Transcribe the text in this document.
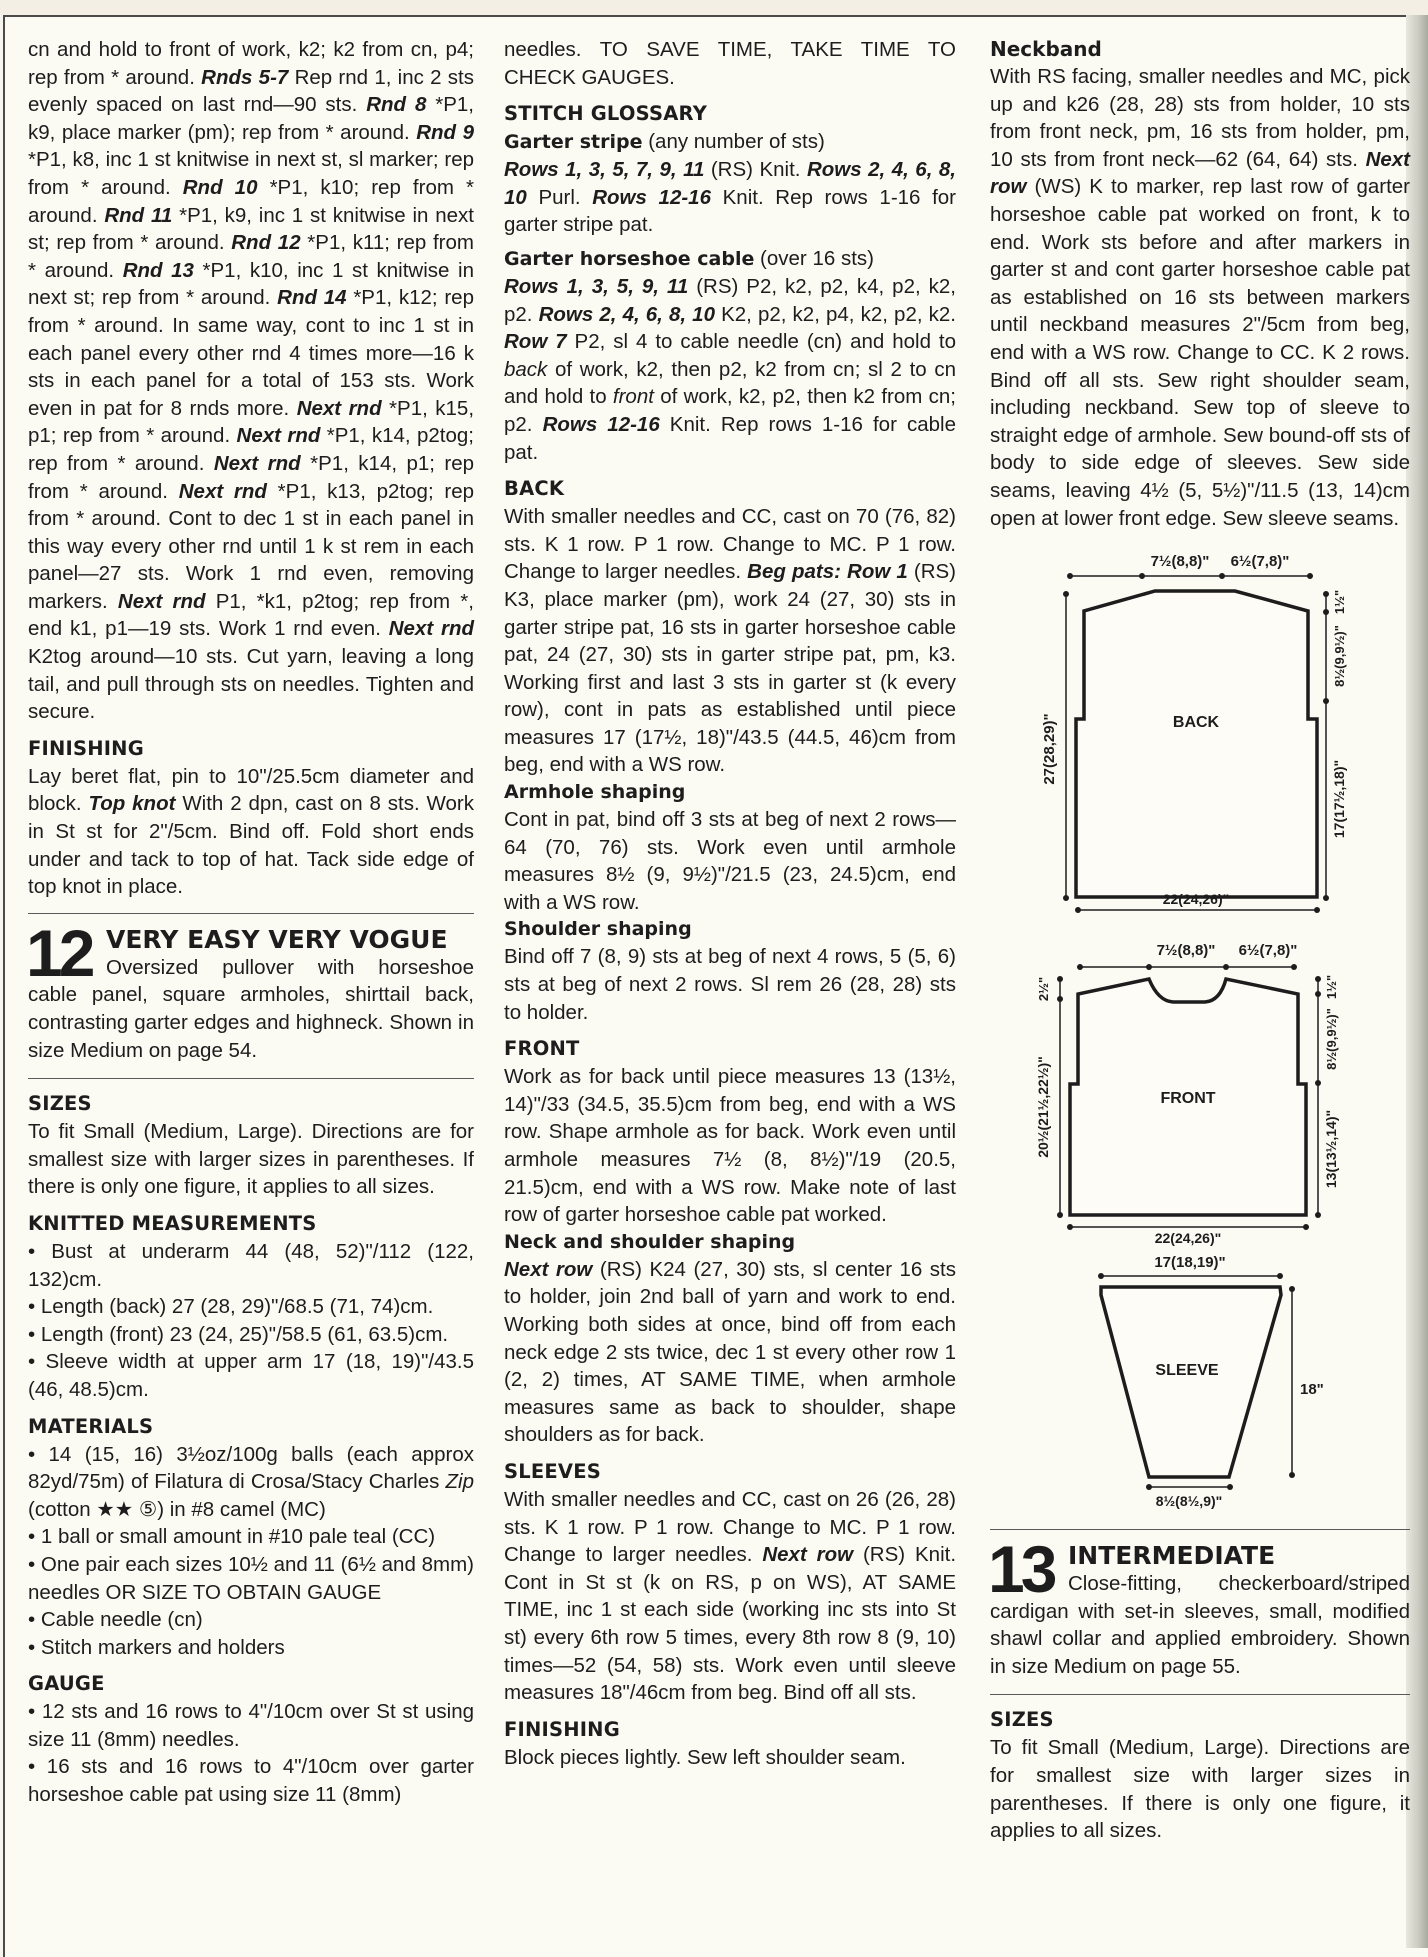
cn and hold to front of work, k2; k2 from cn, p4; rep from * around. Rnds 5-7 Rep rnd 1, inc 2 sts evenly spaced on last rnd—90 sts. Rnd 8 *P1, k9, place marker (pm); rep from * around. Rnd 9 *P1, k8, inc 1 st knitwise in next st, sl marker; rep from * around. Rnd 10 *P1, k10; rep from * around. Rnd 11 *P1, k9, inc 1 st knitwise in next st; rep from * around. Rnd 12 *P1, k11; rep from * around. Rnd 13 *P1, k10, inc 1 st knitwise in next st; rep from * around. Rnd 14 *P1, k12; rep from * around. In same way, cont to inc 1 st in each panel every other rnd 4 times more—16 k sts in each panel for a total of 153 sts. Work even in pat for 8 rnds more. Next rnd *P1, k15, p1; rep from * around. Next rnd *P1, k14, p2tog; rep from * around. Next rnd *P1, k14, p1; rep from * around. Next rnd *P1, k13, p2tog; rep from * around. Cont to dec 1 st in each panel in this way every other rnd until 1 k st rem in each panel—27 sts. Work 1 rnd even, removing markers. Next rnd P1, *k1, p2tog; rep from *, end k1, p1—19 sts. Work 1 rnd even. Next rnd K2tog around—10 sts. Cut yarn, leaving a long tail, and pull through sts on needles. Tighten and secure.

FINISHING

Lay beret flat, pin to 10"/25.5cm diameter and block. Top knot With 2 dpn, cast on 8 sts. Work in St st for 2"/5cm. Bind off. Fold short ends under and tack to top of hat. Tack side edge of top knot in place.

12 VERY EASY VERY VOGUE

Oversized pullover with horseshoe cable panel, square armholes, shirttail back, contrasting garter edges and highneck. Shown in size Medium on page 54.

SIZES

To fit Small (Medium, Large). Directions are for smallest size with larger sizes in parentheses. If there is only one figure, it applies to all sizes.

KNITTED MEASUREMENTS

• Bust at underarm 44 (48, 52)"/112 (122, 132)cm.

• Length (back) 27 (28, 29)"/68.5 (71, 74)cm.

• Length (front) 23 (24, 25)"/58.5 (61, 63.5)cm.

• Sleeve width at upper arm 17 (18, 19)"/43.5 (46, 48.5)cm.

MATERIALS

• 14 (15, 16) 3½oz/100g balls (each approx 82yd/75m) of Filatura di Crosa/Stacy Charles Zip (cotton ★★ ⑤) in #8 camel (MC)

• 1 ball or small amount in #10 pale teal (CC)

• One pair each sizes 10½ and 11 (6½ and 8mm) needles OR SIZE TO OBTAIN GAUGE

• Cable needle (cn)

• Stitch markers and holders

GAUGE

• 12 sts and 16 rows to 4"/10cm over St st using size 11 (8mm) needles.

• 16 sts and 16 rows to 4"/10cm over garter horseshoe cable pat using size 11 (8mm)

needles. TO SAVE TIME, TAKE TIME TO CHECK GAUGES.

STITCH GLOSSARY

Garter stripe (any number of sts)

Rows 1, 3, 5, 7, 9, 11 (RS) Knit. Rows 2, 4, 6, 8, 10 Purl. Rows 12-16 Knit. Rep rows 1-16 for garter stripe pat.

Garter horseshoe cable (over 16 sts)

Rows 1, 3, 5, 9, 11 (RS) P2, k2, p2, k4, p2, k2, p2. Rows 2, 4, 6, 8, 10 K2, p2, k2, p4, k2, p2, k2. Row 7 P2, sl 4 to cable needle (cn) and hold to back of work, k2, then p2, k2 from cn; sl 2 to cn and hold to front of work, k2, p2, then k2 from cn; p2. Rows 12-16 Knit. Rep rows 1-16 for cable pat.

BACK

With smaller needles and CC, cast on 70 (76, 82) sts. K 1 row. P 1 row. Change to MC. P 1 row. Change to larger needles. Beg pats: Row 1 (RS) K3, place marker (pm), work 24 (27, 30) sts in garter stripe pat, 16 sts in garter horseshoe cable pat, 24 (27, 30) sts in garter stripe pat, pm, k3. Working first and last 3 sts in garter st (k every row), cont in pats as established until piece measures 17 (17½, 18)"/43.5 (44.5, 46)cm from beg, end with a WS row.

Armhole shaping

Cont in pat, bind off 3 sts at beg of next 2 rows—64 (70, 76) sts. Work even until armhole measures 8½ (9, 9½)"/21.5 (23, 24.5)cm, end with a WS row.

Shoulder shaping

Bind off 7 (8, 9) sts at beg of next 4 rows, 5 (5, 6) sts at beg of next 2 rows. Sl rem 26 (28, 28) sts to holder.

FRONT

Work as for back until piece measures 13 (13½, 14)"/33 (34.5, 35.5)cm from beg, end with a WS row. Shape armhole as for back. Work even until armhole measures 7½ (8, 8½)"/19 (20.5, 21.5)cm, end with a WS row. Make note of last row of garter horseshoe cable pat worked.

Neck and shoulder shaping

Next row (RS) K24 (27, 30) sts, sl center 16 sts to holder, join 2nd ball of yarn and work to end. Working both sides at once, bind off from each neck edge 2 sts twice, dec 1 st every other row 1 (2, 2) times, AT SAME TIME, when armhole measures same as back to shoulder, shape shoulders as for back.

SLEEVES

With smaller needles and CC, cast on 26 (26, 28) sts. K 1 row. P 1 row. Change to MC. P 1 row. Change to larger needles. Next row (RS) Knit. Cont in St st (k on RS, p on WS), AT SAME TIME, inc 1 st each side (working inc sts into St st) every 6th row 5 times, every 8th row 8 (9, 10) times—52 (54, 58) sts. Work even until sleeve measures 18"/46cm from beg. Bind off all sts.

FINISHING

Block pieces lightly. Sew left shoulder seam.

Neckband

With RS facing, smaller needles and MC, pick up and k26 (28, 28) sts from holder, 10 sts from front neck, pm, 16 sts from holder, pm, 10 sts from front neck—62 (64, 64) sts. Next row (WS) K to marker, rep last row of garter horseshoe cable pat worked on front, k to end. Work sts before and after markers in garter st and cont garter horseshoe cable pat as established on 16 sts between markers until neckband measures 2"/5cm from beg, end with a WS row. Change to CC. K 2 rows. Bind off all sts. Sew right shoulder seam, including neckband. Sew top of sleeve to straight edge of armhole. Sew bound-off sts of body to side edge of sleeves. Sew side seams, leaving 4½ (5, 5½)"/11.5 (13, 14)cm open at lower front edge. Sew sleeve seams.

7½(8,8)" 6½(7,8)"
BACK
27(28,29)"
1½"
8½(9,9½)"
17(17½,18)"
22(24,26)"
7½(8,8)" 6½(7,8)"
FRONT
2½"
20½(21½,22½)"
1½"
8½(9,9½)"
13(13½,14)"
22(24,26)"
17(18,19)"
SLEEVE
18"
8½(8½,9)"
13 INTERMEDIATE

Close-fitting, checkerboard/striped cardigan with set-in sleeves, small, modified shawl collar and applied embroidery. Shown in size Medium on page 55.

SIZES

To fit Small (Medium, Large). Directions are for smallest size with larger sizes in parentheses. If there is only one figure, it applies to all sizes.
